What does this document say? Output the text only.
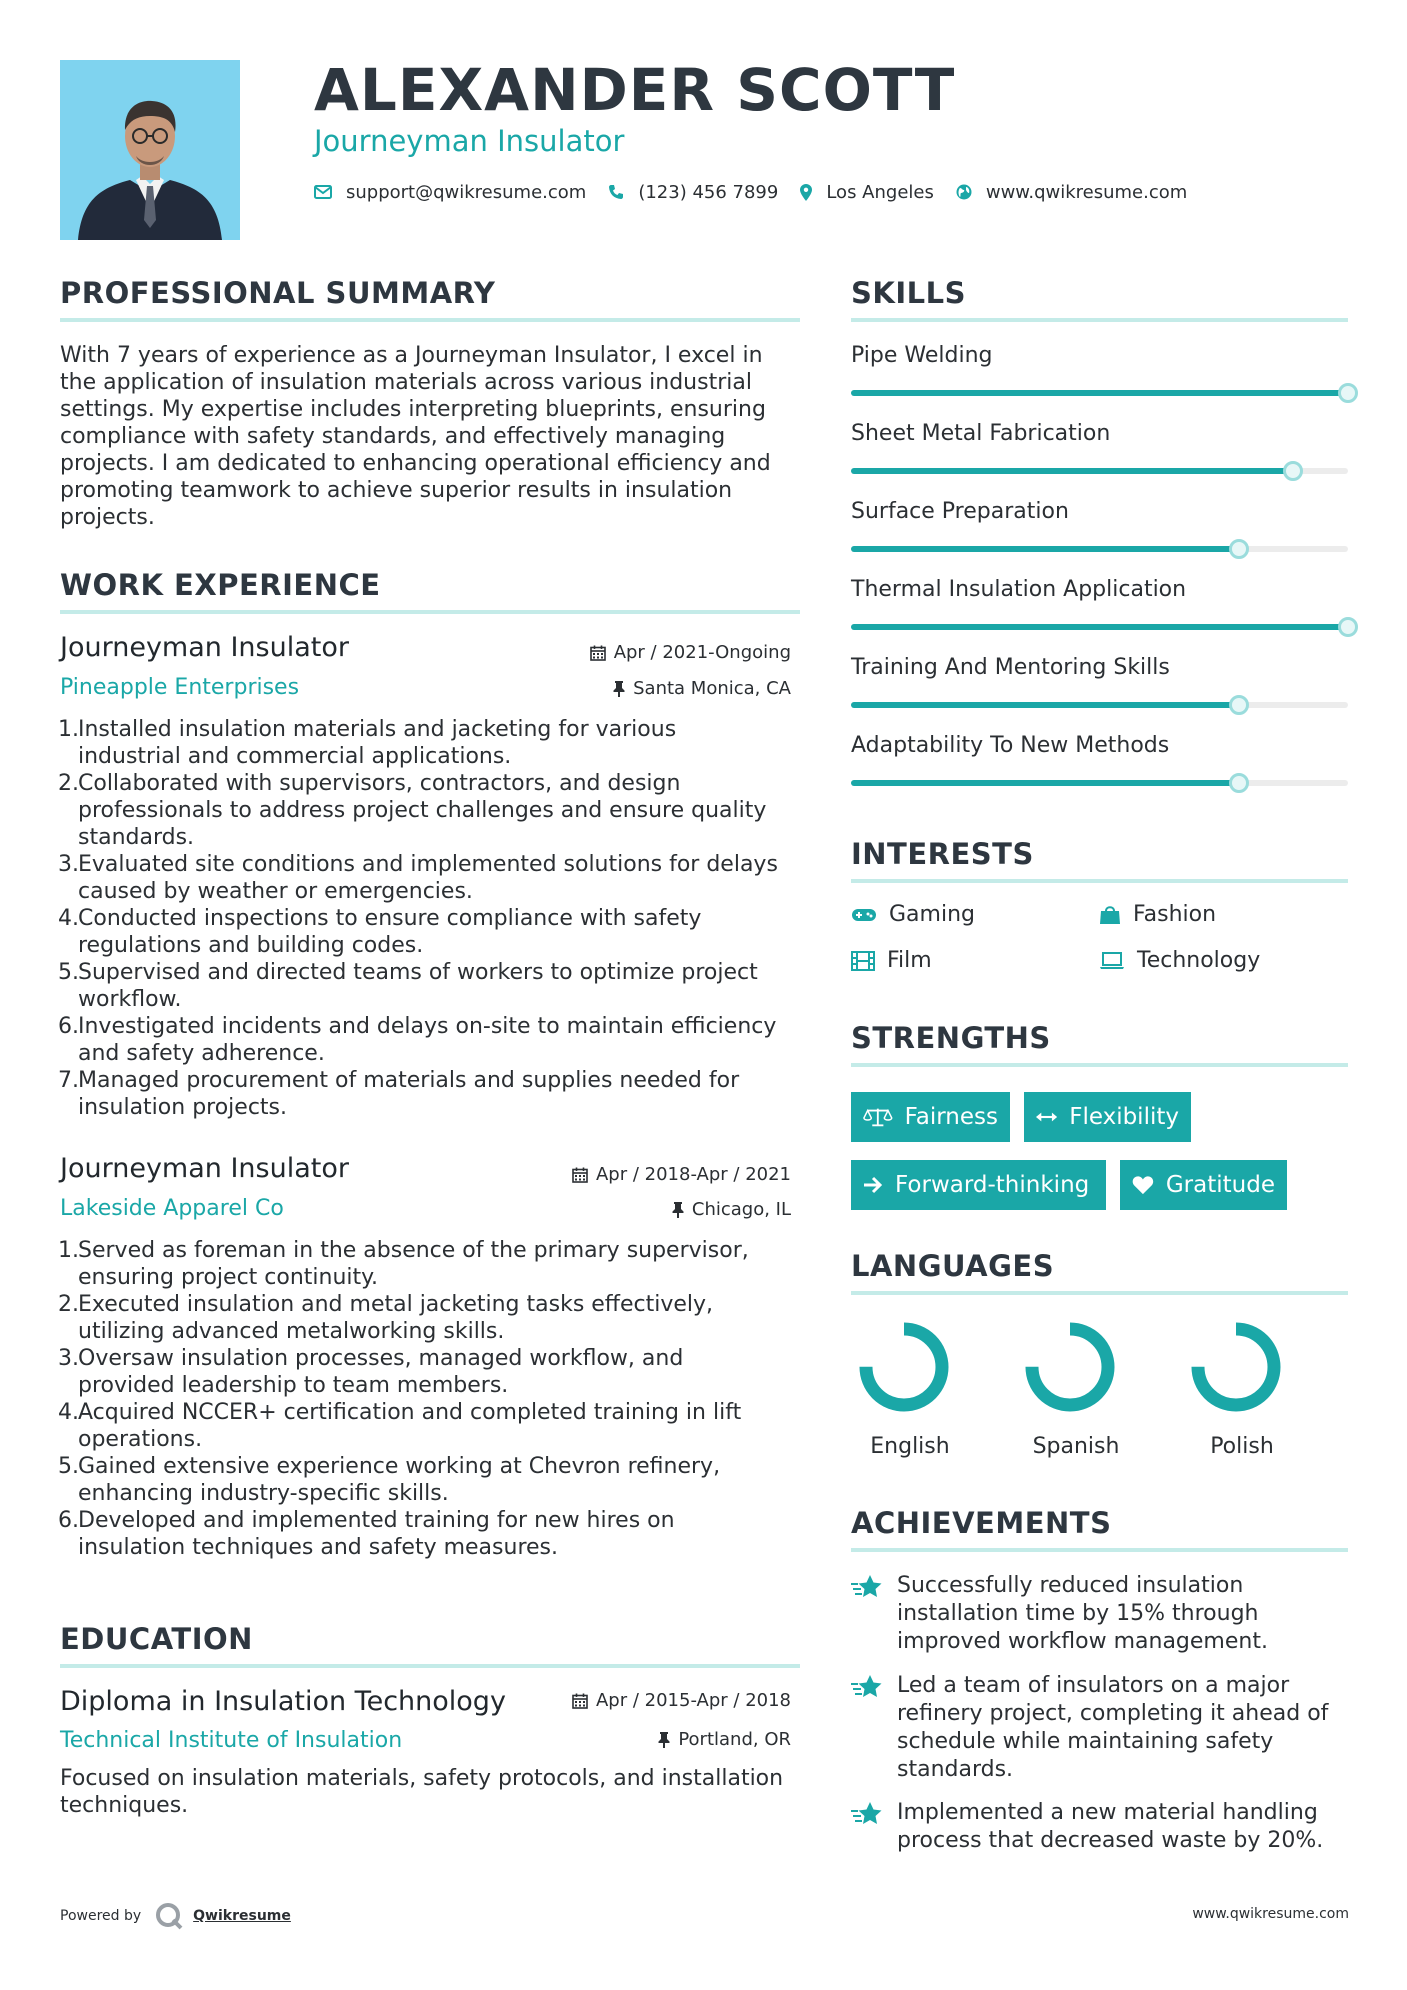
ALEXANDER SCOTT
Journeyman Insulator
support@qwikresume.com	(123) 456 7899	Los Angeles	www.qwikresume.com
PROFESSIONAL SUMMARY
With 7 years of experience as a Journeyman Insulator, I excel in
the application of insulation materials across various industrial
settings. My expertise includes interpreting blueprints, ensuring
compliance with safety standards, and effectively managing
projects. I am dedicated to enhancing operational efficiency and
promoting teamwork to achieve superior results in insulation
projects.
WORK EXPERIENCE
Journeyman Insulator	Apr / 2021-Ongoing
Pineapple Enterprises	Santa Monica, CA
Installed insulation materials and jacketing for various
industrial and commercial applications.
Collaborated with supervisors, contractors, and design
professionals to address project challenges and ensure quality
standards.
Evaluated site conditions and implemented solutions for delays
caused by weather or emergencies.
Conducted inspections to ensure compliance with safety
regulations and building codes.
Supervised and directed teams of workers to optimize project
workflow.
Investigated incidents and delays on-site to maintain efficiency
and safety adherence.
Managed procurement of materials and supplies needed for
insulation projects.
Journeyman Insulator	Apr / 2018-Apr / 2021
Lakeside Apparel Co	Chicago, IL
Served as foreman in the absence of the primary supervisor,
ensuring project continuity.
Executed insulation and metal jacketing tasks effectively,
utilizing advanced metalworking skills.
Oversaw insulation processes, managed workflow, and
provided leadership to team members.
Acquired NCCER+ certification and completed training in lift
operations.
Gained extensive experience working at Chevron refinery,
enhancing industry-specific skills.
Developed and implemented training for new hires on
insulation techniques and safety measures.
EDUCATION
Diploma in Insulation Technology	Apr / 2015-Apr / 2018
Technical Institute of Insulation	Portland, OR
Focused on insulation materials, safety protocols, and installation
techniques.
SKILLS
Pipe Welding
Sheet Metal Fabrication
Surface Preparation
Thermal Insulation Application
Training And Mentoring Skills
Adaptability To New Methods
INTERESTS
Gaming	Fashion
Film	Technology
STRENGTHS
Fairness	Flexibility
Forward-thinking	Gratitude
LANGUAGES
English	Spanish	Polish
ACHIEVEMENTS
Successfully reduced insulation
installation time by 15% through
improved workflow management.
Led a team of insulators on a major
refinery project, completing it ahead of
schedule while maintaining safety
standards.
Implemented a new material handling
process that decreased waste by 20%.
Powered by	Qwikresume	www.qwikresume.com
